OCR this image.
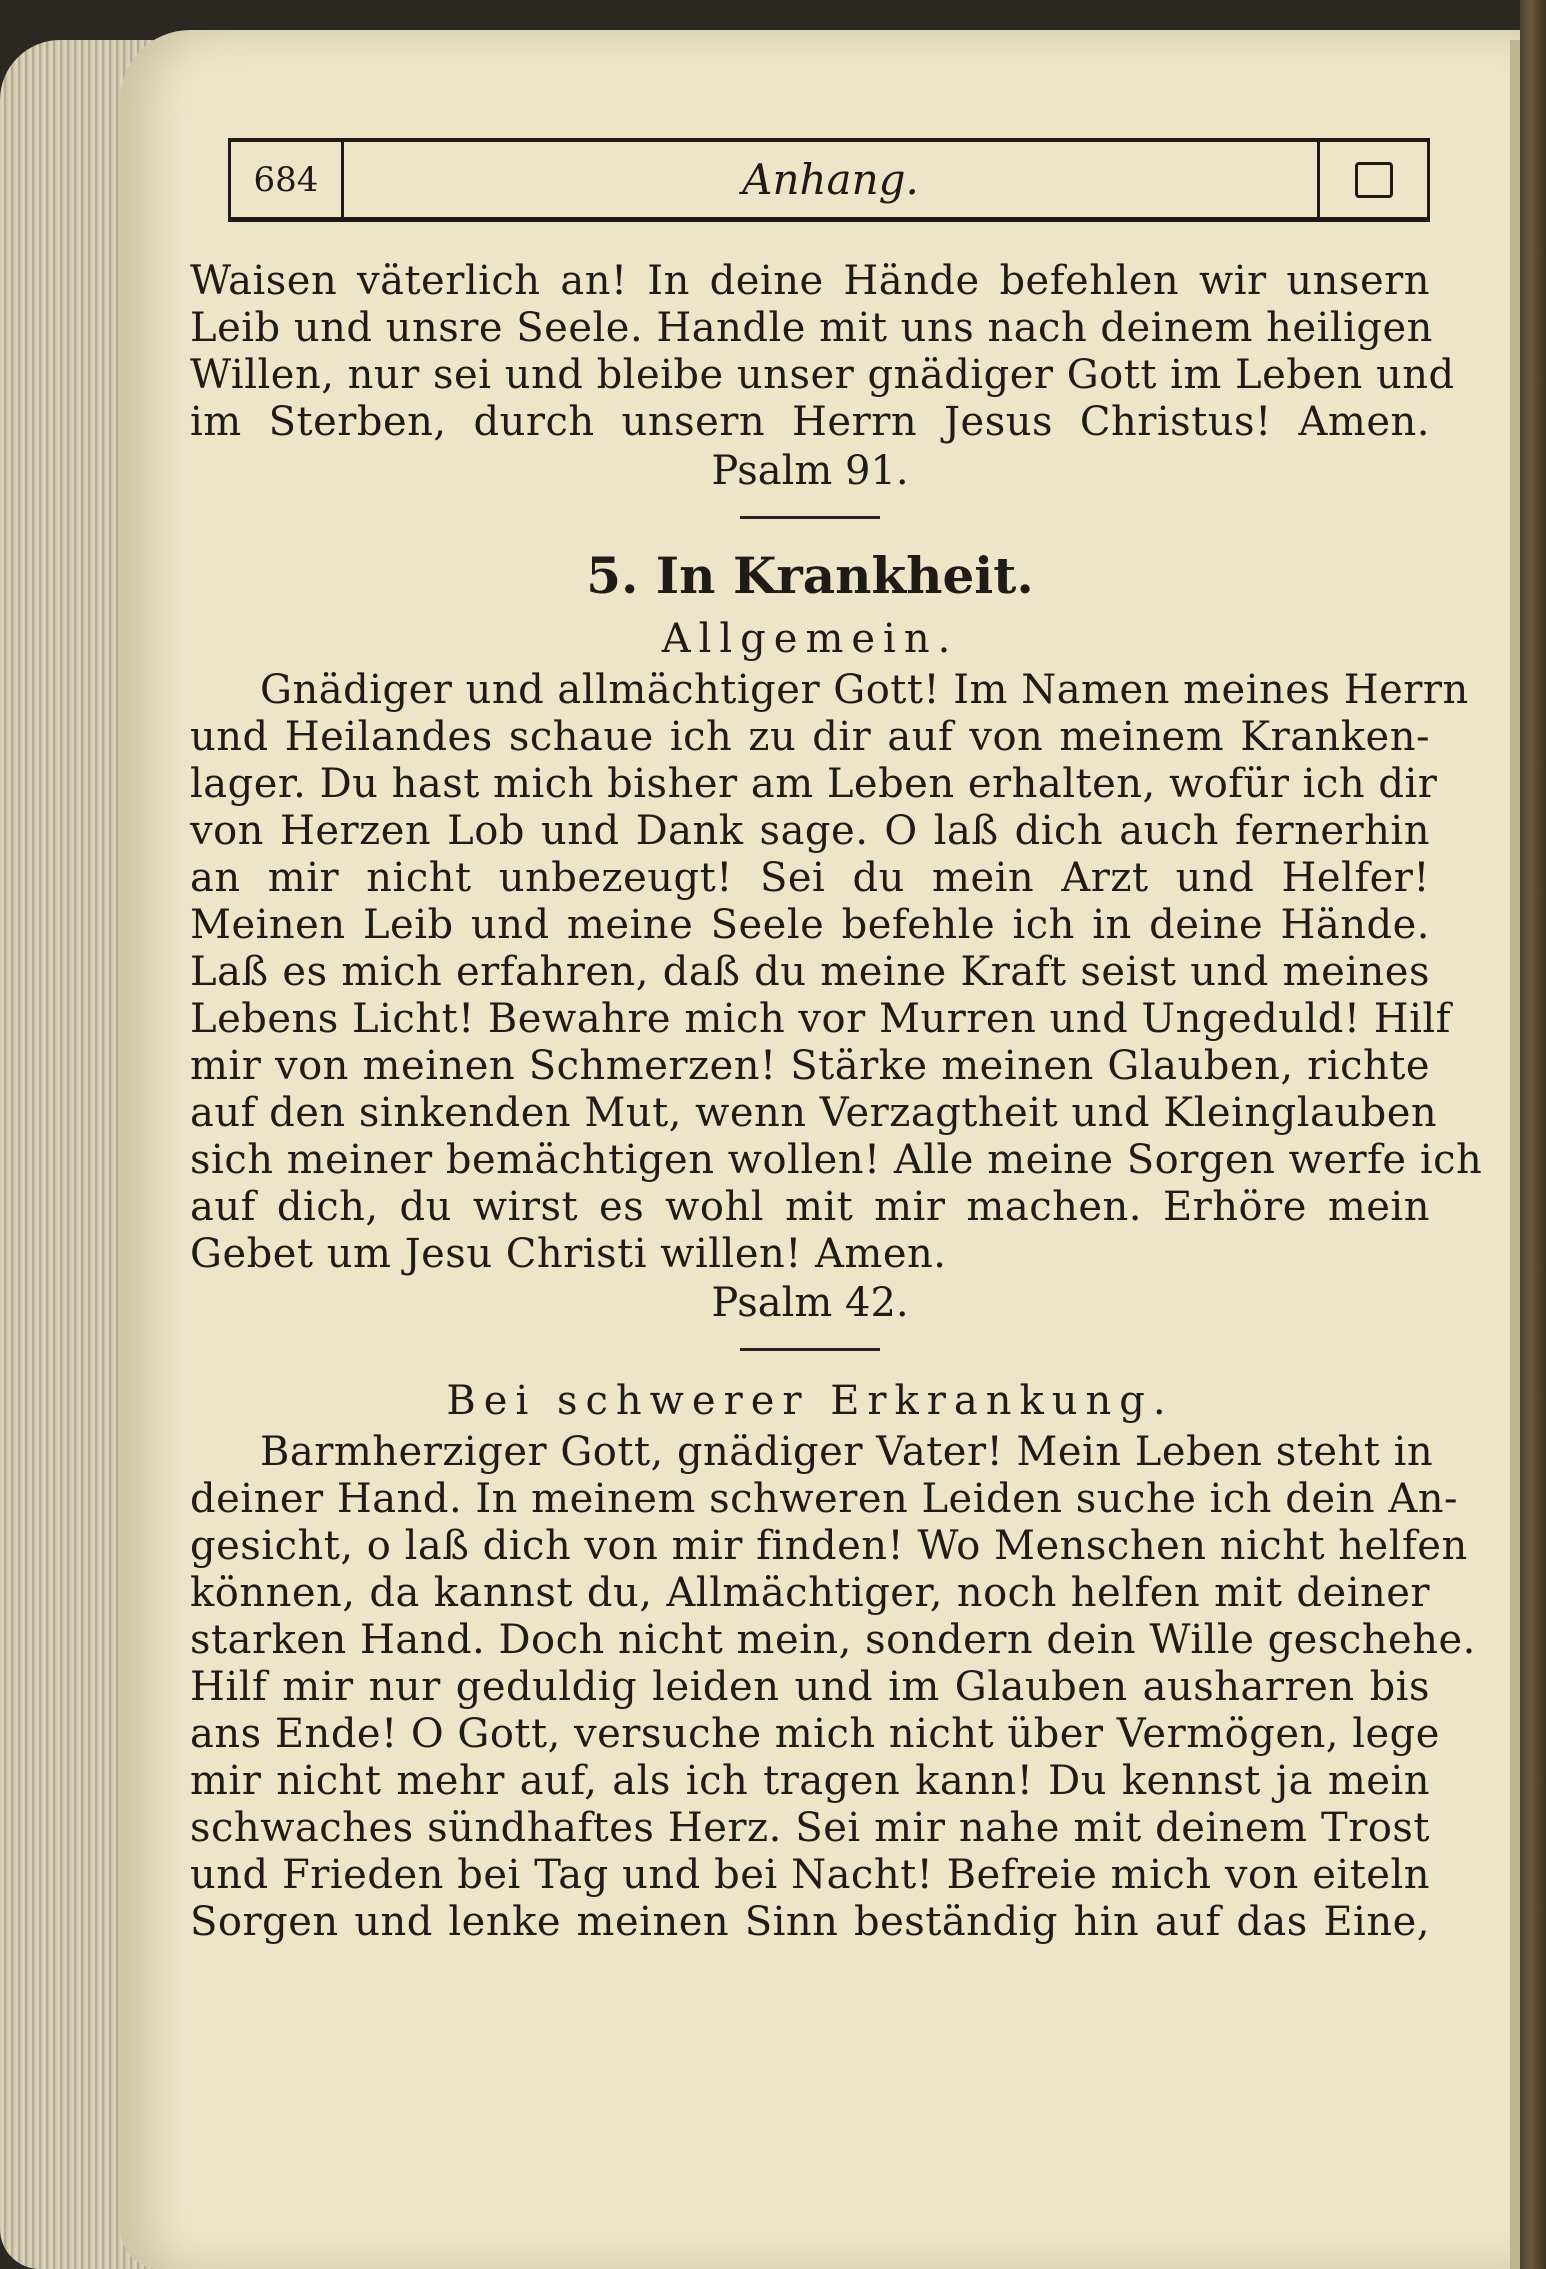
684	Anhang.
Waisen väterlich an! In deine Hände befehlen wir unsern
Leib und unsre Seele. Handle mit uns nach deinem heiligen
Willen, nur sei und bleibe unser gnädiger Gott im Leben und
im Sterben, durch unsern Herrn Jesus Christus! Amen.
Psalm 91.
5. In Krankheit.
Allgemein.
Gnädiger und allmächtiger Gott! Im Namen meines Herrn
und Heilandes schaue ich zu dir auf von meinem Kranken-
lager. Du hast mich bisher am Leben erhalten, wofür ich dir
von Herzen Lob und Dank sage. O laß dich auch fernerhin
an mir nicht unbezeugt! Sei du mein Arzt und Helfer!
Meinen Leib und meine Seele befehle ich in deine Hände.
Laß es mich erfahren, daß du meine Kraft seist und meines
Lebens Licht! Bewahre mich vor Murren und Ungeduld! Hilf
mir von meinen Schmerzen! Stärke meinen Glauben, richte
auf den sinkenden Mut, wenn Verzagtheit und Kleinglauben
sich meiner bemächtigen wollen! Alle meine Sorgen werfe ich
auf dich, du wirst es wohl mit mir machen. Erhöre mein
Gebet um Jesu Christi willen! Amen.
Psalm 42.
Bei schwerer Erkrankung.
Barmherziger Gott, gnädiger Vater! Mein Leben steht in
deiner Hand. In meinem schweren Leiden suche ich dein An-
gesicht, o laß dich von mir finden! Wo Menschen nicht helfen
können, da kannst du, Allmächtiger, noch helfen mit deiner
starken Hand. Doch nicht mein, sondern dein Wille geschehe.
Hilf mir nur geduldig leiden und im Glauben ausharren bis
ans Ende! O Gott, versuche mich nicht über Vermögen, lege
mir nicht mehr auf, als ich tragen kann! Du kennst ja mein
schwaches sündhaftes Herz. Sei mir nahe mit deinem Trost
und Frieden bei Tag und bei Nacht! Befreie mich von eiteln
Sorgen und lenke meinen Sinn beständig hin auf das Eine,
